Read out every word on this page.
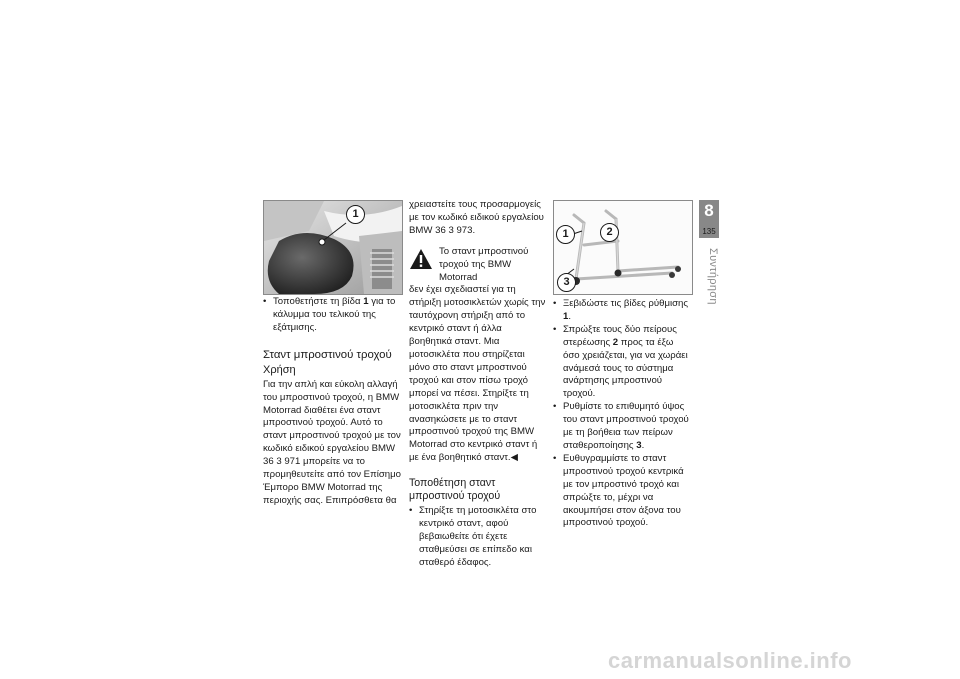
1
• Τοποθετήστε τη βίδα 1 για το κάλυμμα του τελικού της εξάτμισης.
Σταντ μπροστινού τροχού
Χρήση

Για την απλή και εύκολη αλλαγή του μπροστινού τροχού, η BMW Motorrad διαθέτει ένα σταντ μπροστινού τροχού. Αυτό το σταντ μπροστινού τροχού με τον κωδικό ειδικού εργαλείου BMW 36 3 971 μπορείτε να το προμηθευτείτε από τον Επίσημο Έμπορο BMW Motorrad της περιοχής σας. Επιπρόσθετα θα

χρειαστείτε τους προσαρμογείς με τον κωδικό ειδικού εργαλείου BMW 36 3 973.

Το σταντ μπροστινού τροχού της BMW Motorrad

δεν έχει σχεδιαστεί για τη στήριξη μοτοσικλετών χωρίς την ταυτόχρονη στήριξη από το κεντρικό σταντ ή άλλα βοηθητικά σταντ. Μια μοτοσικλέτα που στηρίζεται μόνο στο σταντ μπροστινού τροχού και στον πίσω τροχό μπορεί να πέσει. Στηρίξτε τη μοτοσικλέτα πριν την ανασηκώσετε με το σταντ μπροστινού τροχού της BMW Motorrad στο κεντρικό σταντ ή με ένα βοηθητικό σταντ.◀

Τοποθέτηση σταντ μπροστινού τροχού
• Στηρίξτε τη μοτοσικλέτα στο κεντρικό σταντ, αφού βεβαιωθείτε ότι έχετε σταθμεύσει σε επίπεδο και σταθερό έδαφος.
1	2
3
• Ξεβιδώστε τις βίδες ρύθμισης 1.
• Σπρώξτε τους δύο πείρους στερέωσης 2 προς τα έξω όσο χρειάζεται, για να χωράει ανάμεσά τους το σύστημα ανάρτησης μπροστινού τροχού.
• Ρυθμίστε το επιθυμητό ύψος του σταντ μπροστινού τροχού με τη βοήθεια των πείρων σταθεροποίησης 3.
• Ευθυγραμμίστε το σταντ μπροστινού τροχού κεντρικά με τον μπροστινό τροχό και σπρώξτε το, μέχρι να ακουμπήσει στον άξονα του μπροστινού τροχού.
8
135
Συντήρηση
carmanualsonline.info
